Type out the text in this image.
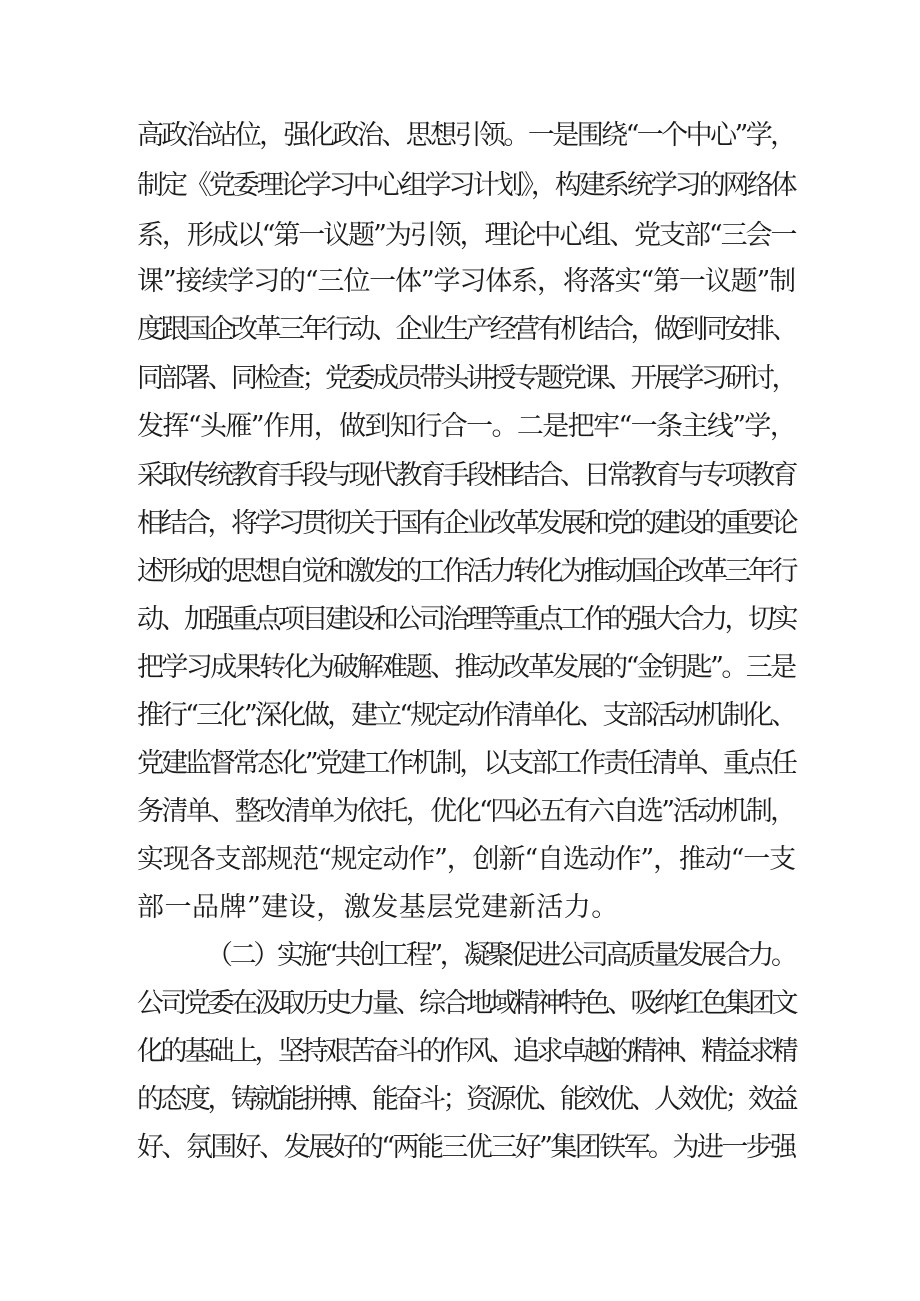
高政治站位，强化政治、思想引领。一是围绕“一个中心”学，
制定《党委理论学习中心组学习计划》，构建系统学习的网络体
系，形成以“第一议题”为引领，理论中心组、党支部“三会一
课”接续学习的“三位一体”学习体系，将落实“第一议题”制
度跟国企改革三年行动、企业生产经营有机结合，做到同安排、
同部署、同检查；党委成员带头讲授专题党课、开展学习研讨，
发挥“头雁”作用，做到知行合一。二是把牢“一条主线”学，
采取传统教育手段与现代教育手段相结合、日常教育与专项教育
相结合，将学习贯彻关于国有企业改革发展和党的建设的重要论
述形成的思想自觉和激发的工作活力转化为推动国企改革三年行
动、加强重点项目建设和公司治理等重点工作的强大合力，切实
把学习成果转化为破解难题、推动改革发展的“金钥匙”。三是
推行“三化”深化做，建立“规定动作清单化、支部活动机制化、
党建监督常态化”党建工作机制，以支部工作责任清单、重点任
务清单、整改清单为依托，优化“四必五有六自选”活动机制，
实现各支部规范“规定动作”，创新“自选动作”，推动“一支
部一品牌”建设，激发基层党建新活力。
（二）实施“共创工程”，凝聚促进公司高质量发展合力。
公司党委在汲取历史力量、综合地域精神特色、吸纳红色集团文
化的基础上，坚持艰苦奋斗的作风、追求卓越的精神、精益求精
的态度，铸就能拼搏、能奋斗；资源优、能效优、人效优；效益
好、氛围好、发展好的“两能三优三好”集团铁军。为进一步强
